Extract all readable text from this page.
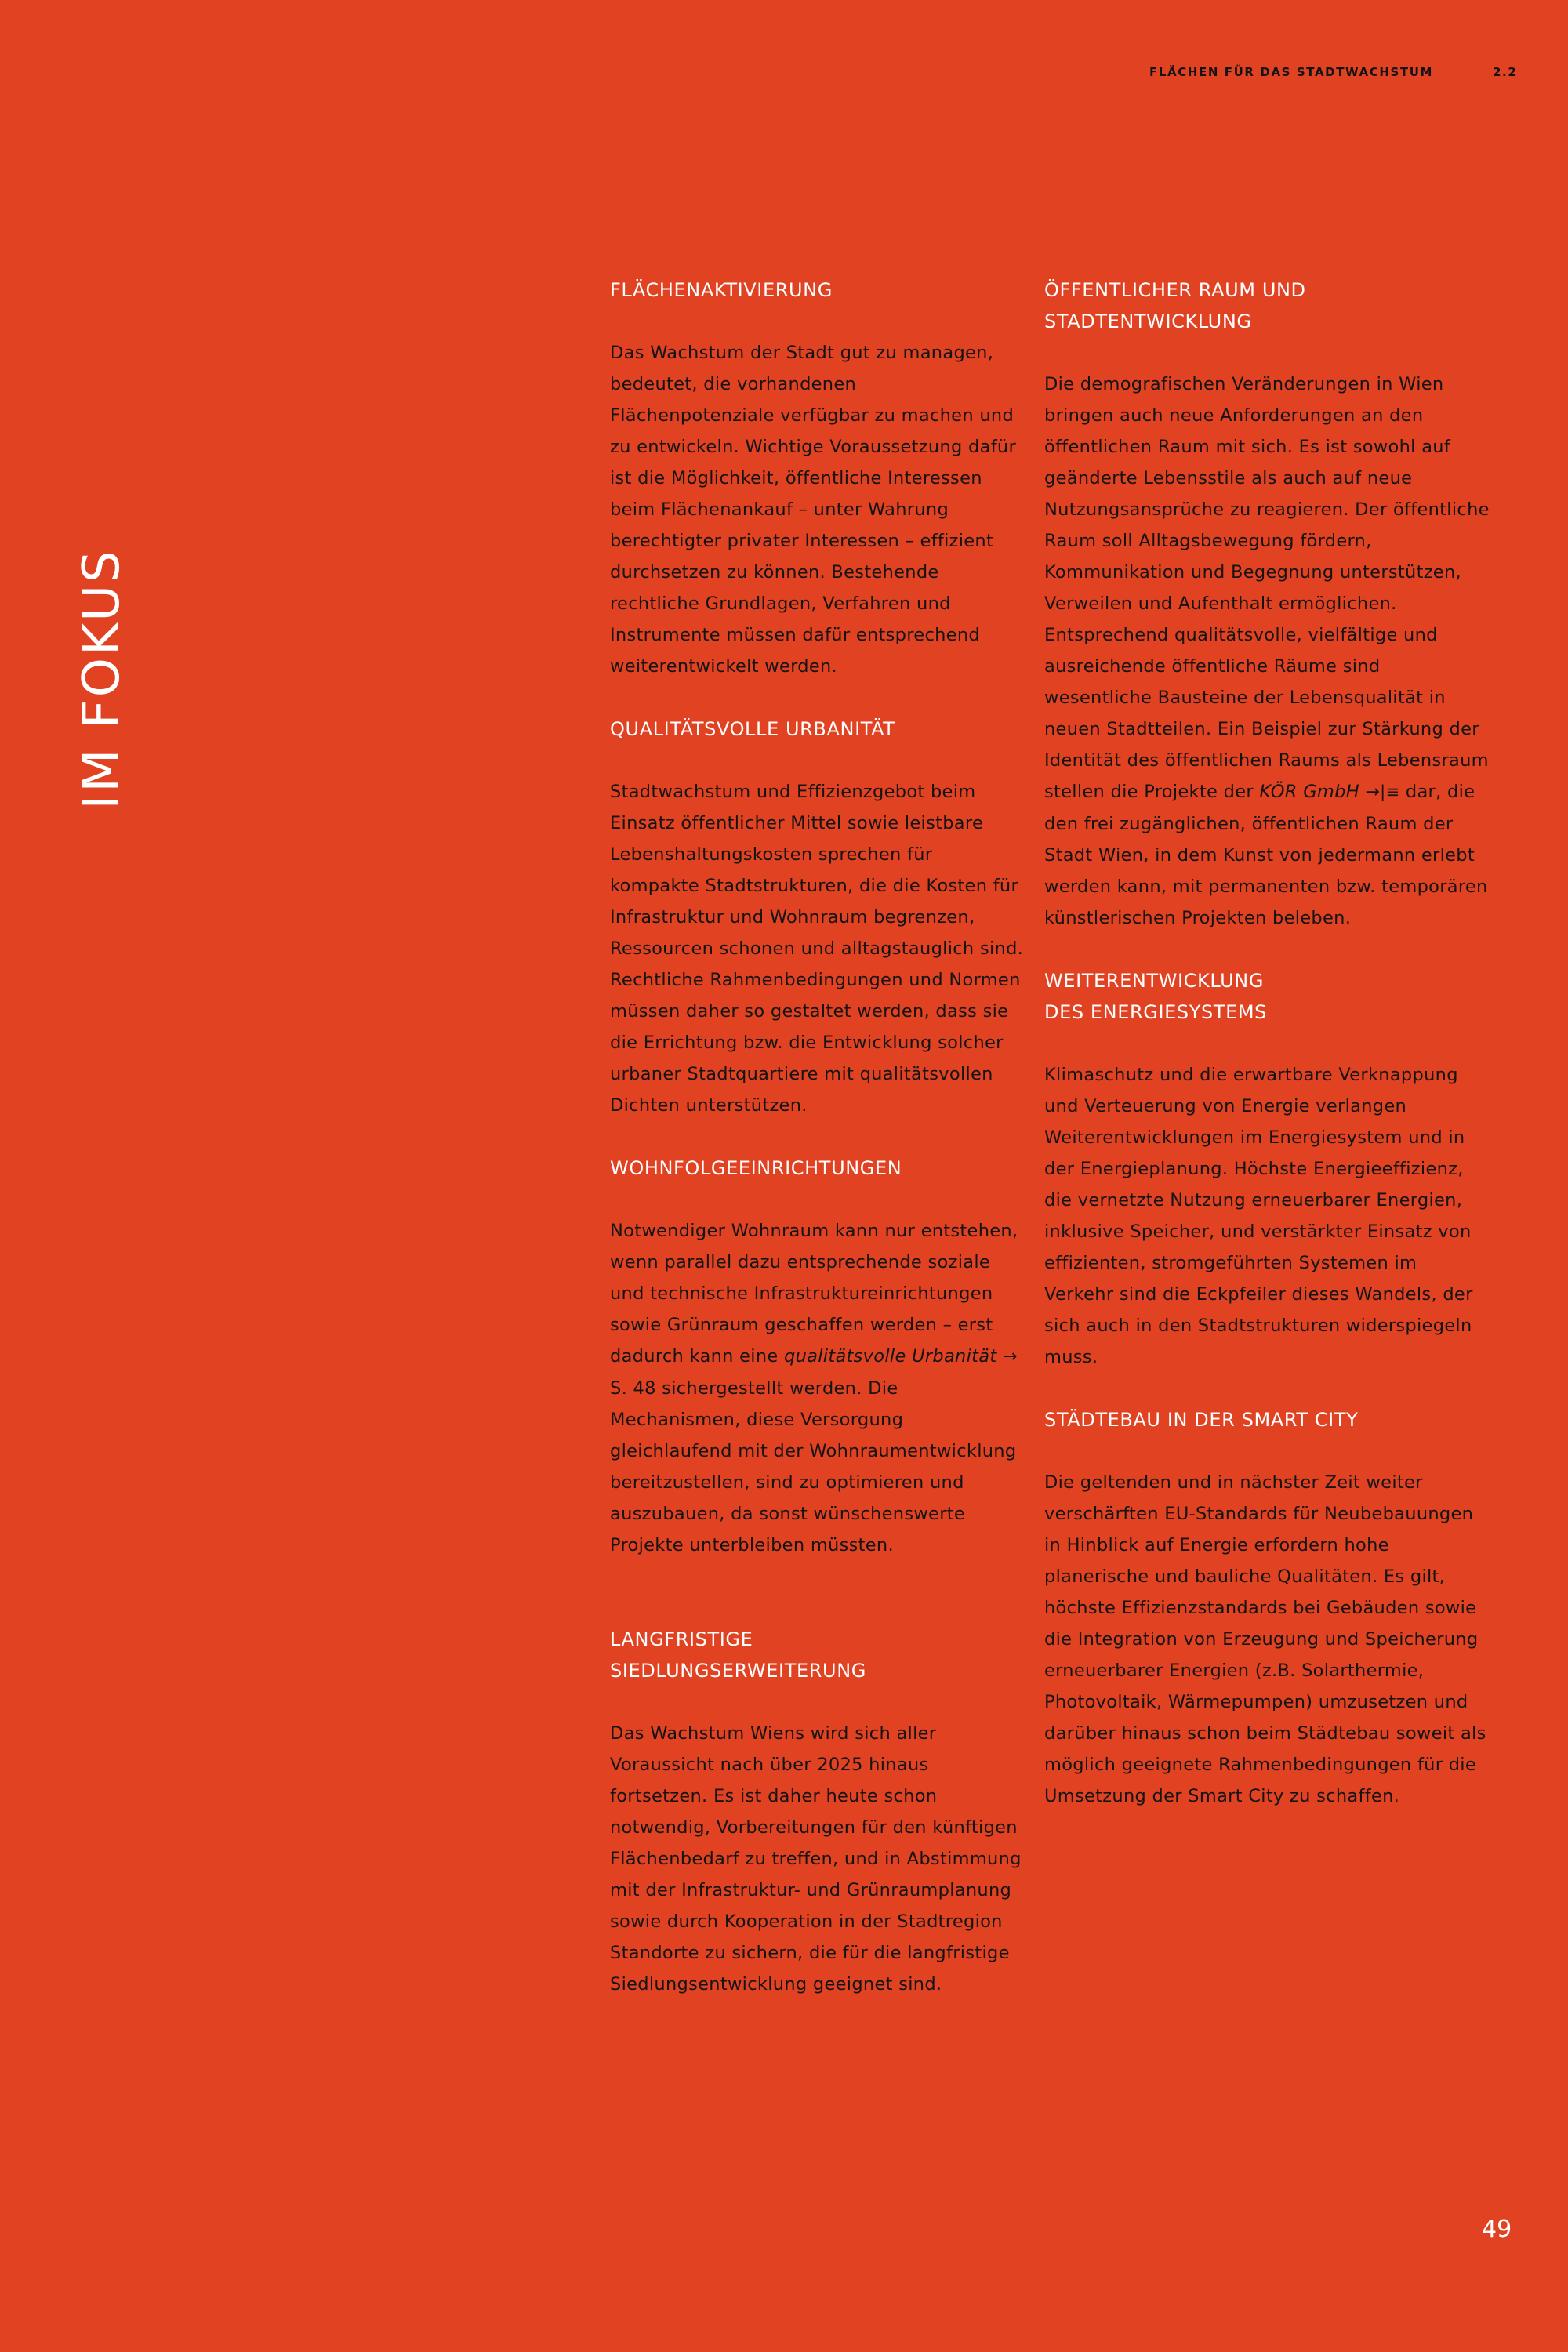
FLÄCHEN FÜR DAS STADTWACHSTUM	2.2
IM FOKUS
FLÄCHENAKTIVIERUNG

Das Wachstum der Stadt gut zu managen, bedeutet, die vorhandenen Flächenpotenziale verfügbar zu machen und zu entwickeln. Wichtige Voraussetzung dafür ist die Möglichkeit, öffentliche Interessen beim Flächenankauf – unter Wahrung berechtigter privater Interessen – effizient durchsetzen zu können. Bestehende rechtliche Grundlagen, Verfahren und Instrumente müssen dafür entsprechend weiterentwickelt werden.

QUALITÄTSVOLLE URBANITÄT

Stadtwachstum und Effizienzgebot beim Einsatz öffentlicher Mittel sowie leistbare Lebenshaltungskosten sprechen für kompakte Stadtstrukturen, die die Kosten für Infrastruktur und Wohnraum begrenzen, Ressourcen schonen und alltagstauglich sind. Rechtliche Rahmenbedingungen und Normen müssen daher so gestaltet werden, dass sie die Errichtung bzw. die Entwicklung solcher urbaner Stadtquartiere mit qualitätsvollen Dichten unterstützen.

WOHNFOLGEEINRICHTUNGEN

Notwendiger Wohnraum kann nur entstehen, wenn parallel dazu entsprechende soziale und technische Infrastruktureinrichtungen sowie Grünraum geschaffen werden – erst dadurch kann eine qualitätsvolle Urbanität → S. 48 sichergestellt werden. Die Mechanismen, diese Versorgung gleichlaufend mit der Wohnraumentwicklung bereitzustellen, sind zu optimieren und auszubauen, da sonst wünschenswerte Projekte unterbleiben müssten.

LANGFRISTIGE
SIEDLUNGSERWEITERUNG

Das Wachstum Wiens wird sich aller Voraussicht nach über 2025 hinaus fortsetzen. Es ist daher heute schon notwendig, Vorbereitungen für den künftigen Flächenbedarf zu treffen, und in Abstimmung mit der Infrastruktur- und Grünraumplanung sowie durch Kooperation in der Stadtregion Standorte zu sichern, die für die langfristige Siedlungsentwicklung geeignet sind.

ÖFFENTLICHER RAUM UND
STADTENTWICKLUNG

Die demografischen Veränderungen in Wien bringen auch neue Anforderungen an den öffentlichen Raum mit sich. Es ist sowohl auf geänderte Lebensstile als auch auf neue Nutzungsansprüche zu reagieren. Der öffentliche Raum soll Alltagsbewegung fördern, Kommunikation und Begegnung unterstützen, Verweilen und Aufenthalt ermöglichen. Entsprechend qualitätsvolle, vielfältige und ausreichende öffentliche Räume sind wesentliche Bausteine der Lebensqualität in neuen Stadtteilen. Ein Beispiel zur Stärkung der Identität des öffentlichen Raums als Lebensraum stellen die Projekte der KÖR GmbH →|≡ dar, die den frei zugänglichen, öffentlichen Raum der Stadt Wien, in dem Kunst von jedermann erlebt werden kann, mit permanenten bzw. temporären künstlerischen Projekten beleben.

WEITERENTWICKLUNG
DES ENERGIESYSTEMS

Klimaschutz und die erwartbare Verknappung und Verteuerung von Energie verlangen Weiterentwicklungen im Energiesystem und in der Energieplanung. Höchste Energieeffizienz, die vernetzte Nutzung erneuerbarer Energien, inklusive Speicher, und verstärkter Einsatz von effizienten, stromgeführten Systemen im Verkehr sind die Eckpfeiler dieses Wandels, der sich auch in den Stadtstrukturen widerspiegeln muss.

STÄDTEBAU IN DER SMART CITY

Die geltenden und in nächster Zeit weiter verschärften EU-Standards für Neubebauungen in Hinblick auf Energie erfordern hohe planerische und bauliche Qualitäten. Es gilt, höchste Effizienzstandards bei Gebäuden sowie die Integration von Erzeugung und Speicherung erneuerbarer Energien (z.B. Solarthermie, Photovoltaik, Wärmepumpen) umzusetzen und darüber hinaus schon beim Städtebau soweit als möglich geeignete Rahmenbedingungen für die Umsetzung der Smart City zu schaffen.

49
